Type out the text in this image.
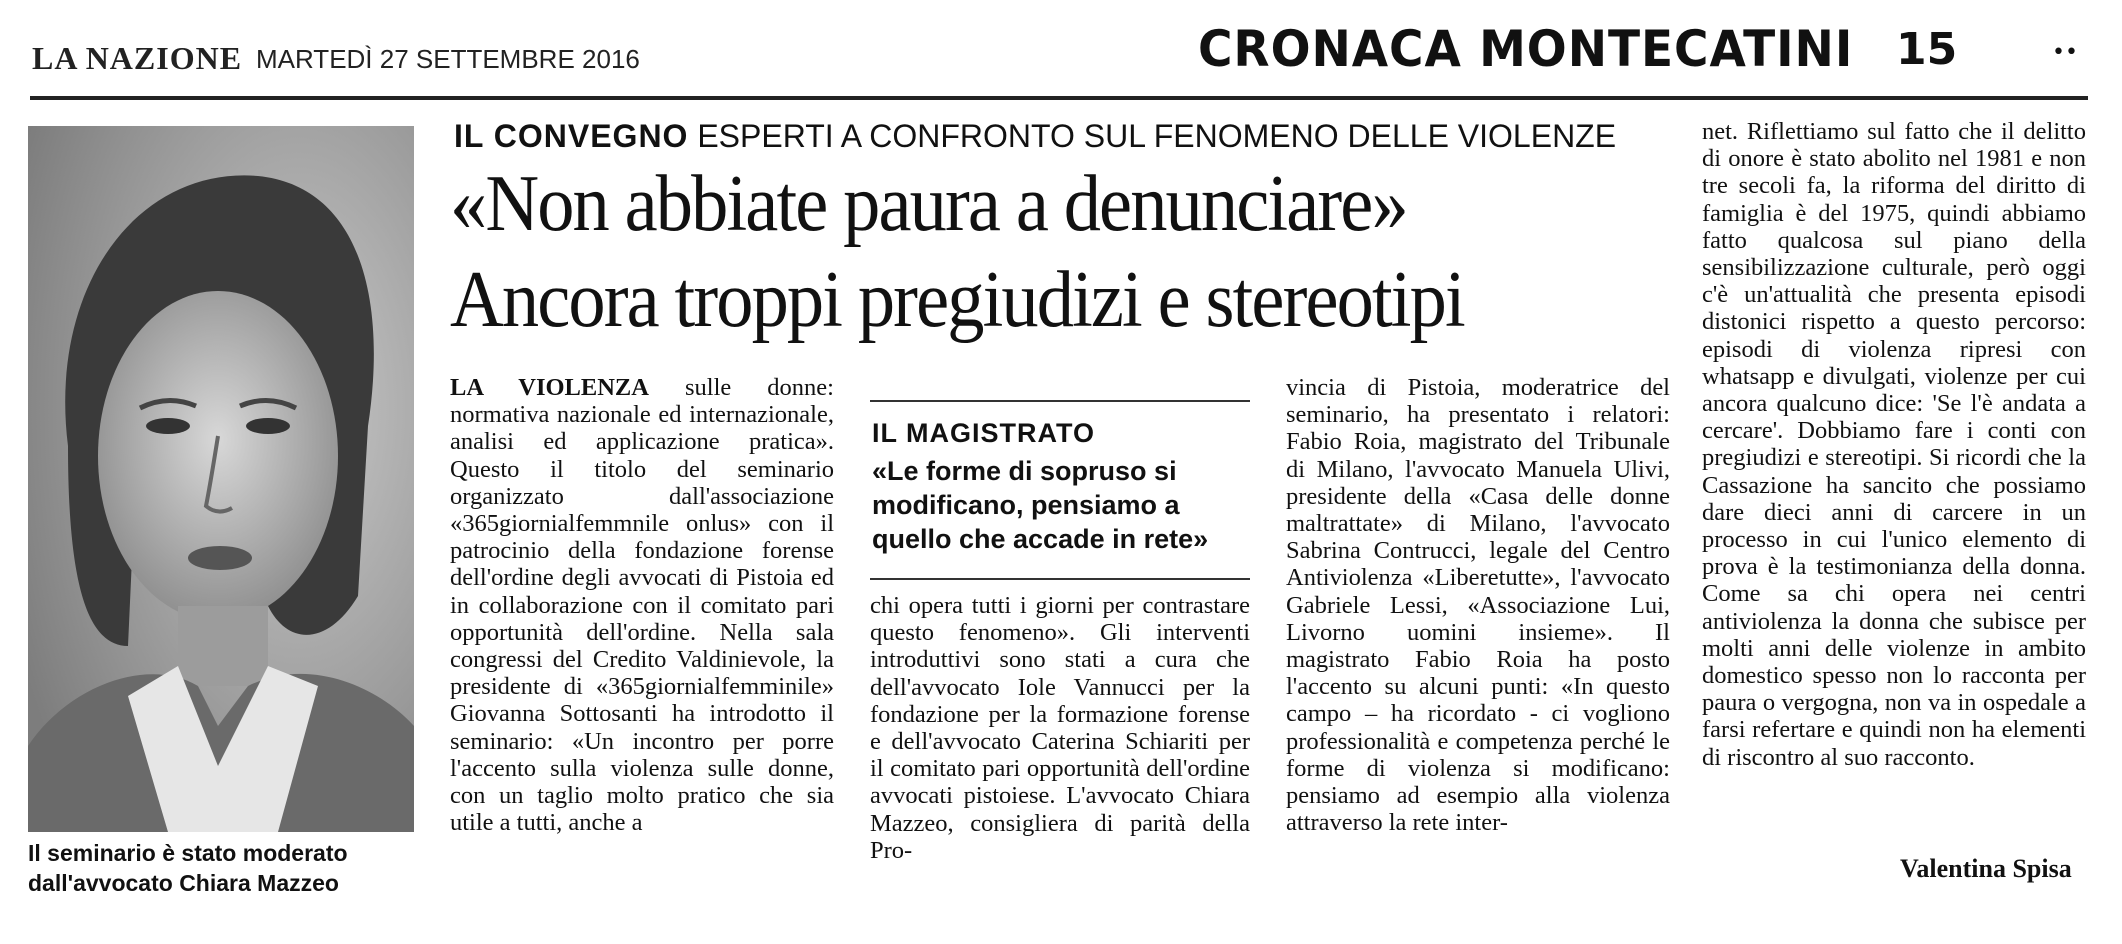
LA NAZIONE MARTEDÌ 27 SETTEMBRE 2016	CRONACA MONTECATINI 15	••
Il seminario è stato moderato dall'avvocato Chiara Mazzeo
IL CONVEGNO ESPERTI A CONFRONTO SUL FENOMENO DELLE VIOLENZE
«Non abbiate paura a denunciare»
Ancora troppi pregiudizi e stereotipi
LA VIOLENZA sulle donne: normativa nazionale ed internazionale, analisi ed applicazione pratica». Questo il titolo del seminario organizzato dall'associazione «365giornialfemmnile onlus» con il patrocinio della fondazione forense dell'ordine degli avvocati di Pistoia ed in collaborazione con il comitato pari opportunità dell'ordine. Nella sala congressi del Credito Valdinievole, la presidente di «365giornialfemminile» Giovanna Sottosanti ha introdotto il seminario: «Un incontro per porre l'accento sulla violenza sulle donne, con un taglio molto pratico che sia utile a tutti, anche a
IL MAGISTRATO
«Le forme di sopruso si modificano, pensiamo a quello che accade in rete»
chi opera tutti i giorni per contrastare questo fenomeno». Gli interventi introduttivi sono stati a cura che dell'avvocato Iole Vannucci per la fondazione per la formazione forense e dell'avvocato Caterina Schiariti per il comitato pari opportunità dell'ordine avvocati pistoiese. L'avvocato Chiara Mazzeo, consigliera di parità della Pro-
vincia di Pistoia, moderatrice del seminario, ha presentato i relatori: Fabio Roia, magistrato del Tribunale di Milano, l'avvocato Manuela Ulivi, presidente della «Casa delle donne maltrattate» di Milano, l'avvocato Sabrina Contrucci, legale del Centro Antiviolenza «Liberetutte», l'avvocato Gabriele Lessi, «Associazione Lui, Livorno uomini insieme». Il magistrato Fabio Roia ha posto l'accento su alcuni punti: «In questo campo – ha ricordato - ci vogliono professionalità e competenza perché le forme di violenza si modificano: pensiamo ad esempio alla violenza attraverso la rete inter-
net. Riflettiamo sul fatto che il delitto di onore è stato abolito nel 1981 e non tre secoli fa, la riforma del diritto di famiglia è del 1975, quindi abbiamo fatto qualcosa sul piano della sensibilizzazione culturale, però oggi c'è un'attualità che presenta episodi distonici rispetto a questo percorso: episodi di violenza ripresi con whatsapp e divulgati, violenze per cui ancora qualcuno dice: 'Se l'è andata a cercare'. Dobbiamo fare i conti con pregiudizi e stereotipi. Si ricordi che la Cassazione ha sancito che possiamo dare dieci anni di carcere in un processo in cui l'unico elemento di prova è la testimonianza della donna. Come sa chi opera nei centri antiviolenza la donna che subisce per molti anni delle violenze in ambito domestico spesso non lo racconta per paura o vergogna, non va in ospedale a farsi refertare e quindi non ha elementi di riscontro al suo racconto.
Valentina Spisa
